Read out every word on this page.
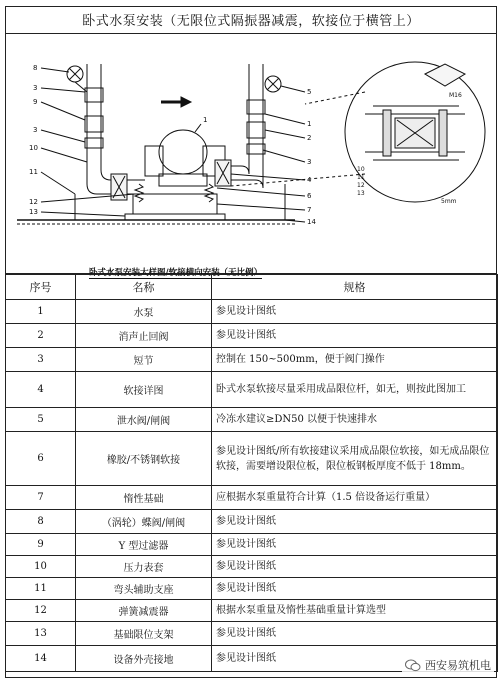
卧式水泵安装（无限位式隔振器减震，软接位于横管上）
8
3
9
3
10
11
12
13
1
5
1
2
3
4
6
7
14
10
11
12
13
M16
5mm
卧式水泵安装大样图/软接横向安装（无比例）
序号	名称	规格
1	水泵	参见设计图纸
2	消声止回阀	参见设计图纸
3	短节	控制在 150~500mm，便于阀门操作
4	软接详图	卧式水泵软接尽量采用成品限位杆，如无，则按此图加工
5	泄水阀/闸阀	冷冻水建议≥DN50 以便于快速排水
6	橡胶/不锈钢软接	参见设计图纸/所有软接建议采用成品限位软接，如无成品限位软接，需要增设限位板，限位板钢板厚度不低于 18mm。
7	惰性基础	应根据水泵重量符合计算（1.5 倍设备运行重量）
8	（涡轮）蝶阀/闸阀	参见设计图纸
9	Y 型过滤器	参见设计图纸
10	压力表套	参见设计图纸
11	弯头辅助支座	参见设计图纸
12	弹簧减震器	根据水泵重量及惰性基础重量计算选型
13	基础限位支架	参见设计图纸
14	设备外壳接地	参见设计图纸
西安易筑机电
